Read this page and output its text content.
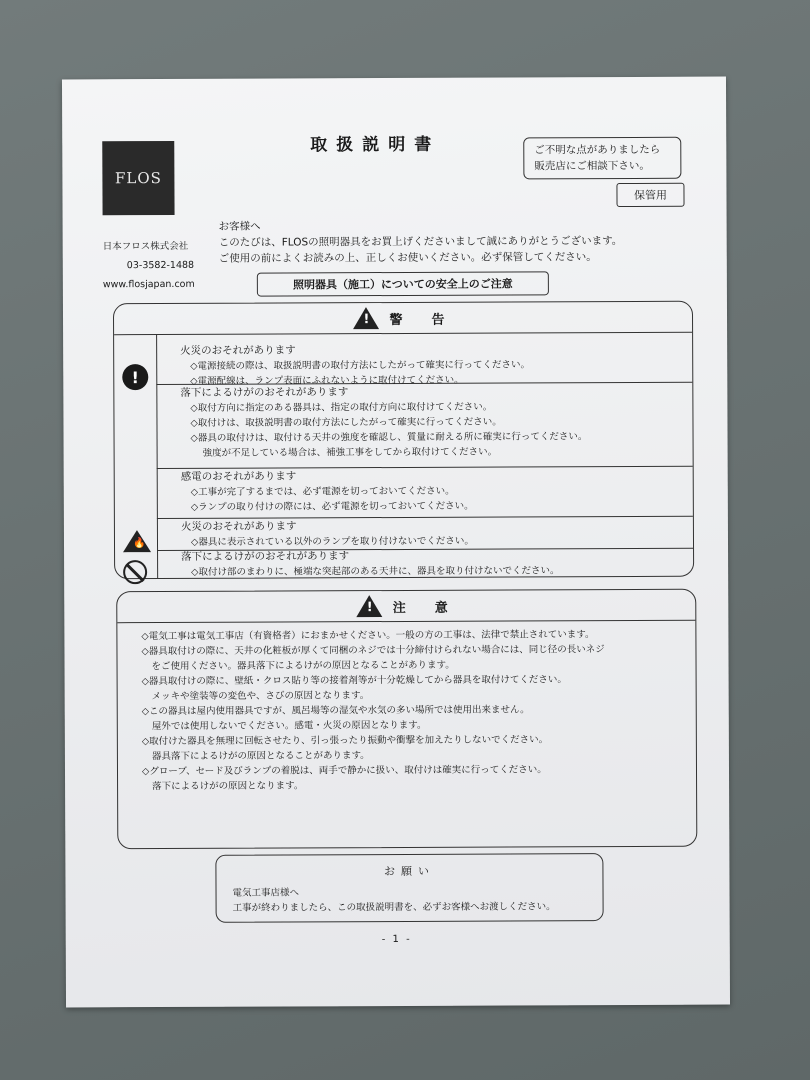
FLOS
日本フロス株式会社
03-3582-1488
www.flosjapan.com
取扱説明書	ご不明な点がありましたら
販売店にご相談下さい。
保管用
お客様へ
このたびは、FLOSの照明器具をお買上げくださいまして誠にありがとうございます。
ご使用の前によくお読みの上、正しくお使いください。必ず保管してください。
照明器具（施工）についての安全上のご注意
! 警　告
!
🔥
火災のおそれがあります
◇電源接続の際は、取扱説明書の取付方法にしたがって確実に行ってください。
◇電源配線は、ランプ表面にふれないように取付けてください。
落下によるけがのおそれがあります
◇取付方向に指定のある器具は、指定の取付方向に取付けてください。
◇取付けは、取扱説明書の取付方法にしたがって確実に行ってください。
◇器具の取付けは、取付ける天井の強度を確認し、質量に耐える所に確実に行ってください。
強度が不足している場合は、補強工事をしてから取付けてください。
感電のおそれがあります
◇工事が完了するまでは、必ず電源を切っておいてください。
◇ランプの取り付けの際には、必ず電源を切っておいてください。
火災のおそれがあります
◇器具に表示されている以外のランプを取り付けないでください。
落下によるけがのおそれがあります
◇取付け部のまわりに、極端な突起部のある天井に、器具を取り付けないでください。
! 注　意
◇電気工事は電気工事店（有資格者）におまかせください。一般の方の工事は、法律で禁止されています。
◇器具取付けの際に、天井の化粧板が厚くて同梱のネジでは十分締付けられない場合には、同じ径の長いネジ
をご使用ください。器具落下によるけがの原因となることがあります。
◇器具取付けの際に、壁紙・クロス貼り等の接着剤等が十分乾燥してから器具を取付けてください。
メッキや塗装等の変色や、さびの原因となります。
◇この器具は屋内使用器具ですが、風呂場等の湿気や水気の多い場所では使用出来ません。
屋外では使用しないでください。感電・火災の原因となります。
◇取付けた器具を無理に回転させたり、引っ張ったり振動や衝撃を加えたりしないでください。
器具落下によるけがの原因となることがあります。
◇グローブ、セード及びランプの着脱は、両手で静かに扱い、取付けは確実に行ってください。
落下によるけがの原因となります。
お願い
電気工事店様へ
工事が終わりましたら、この取扱説明書を、必ずお客様へお渡しください。
- 1 -
